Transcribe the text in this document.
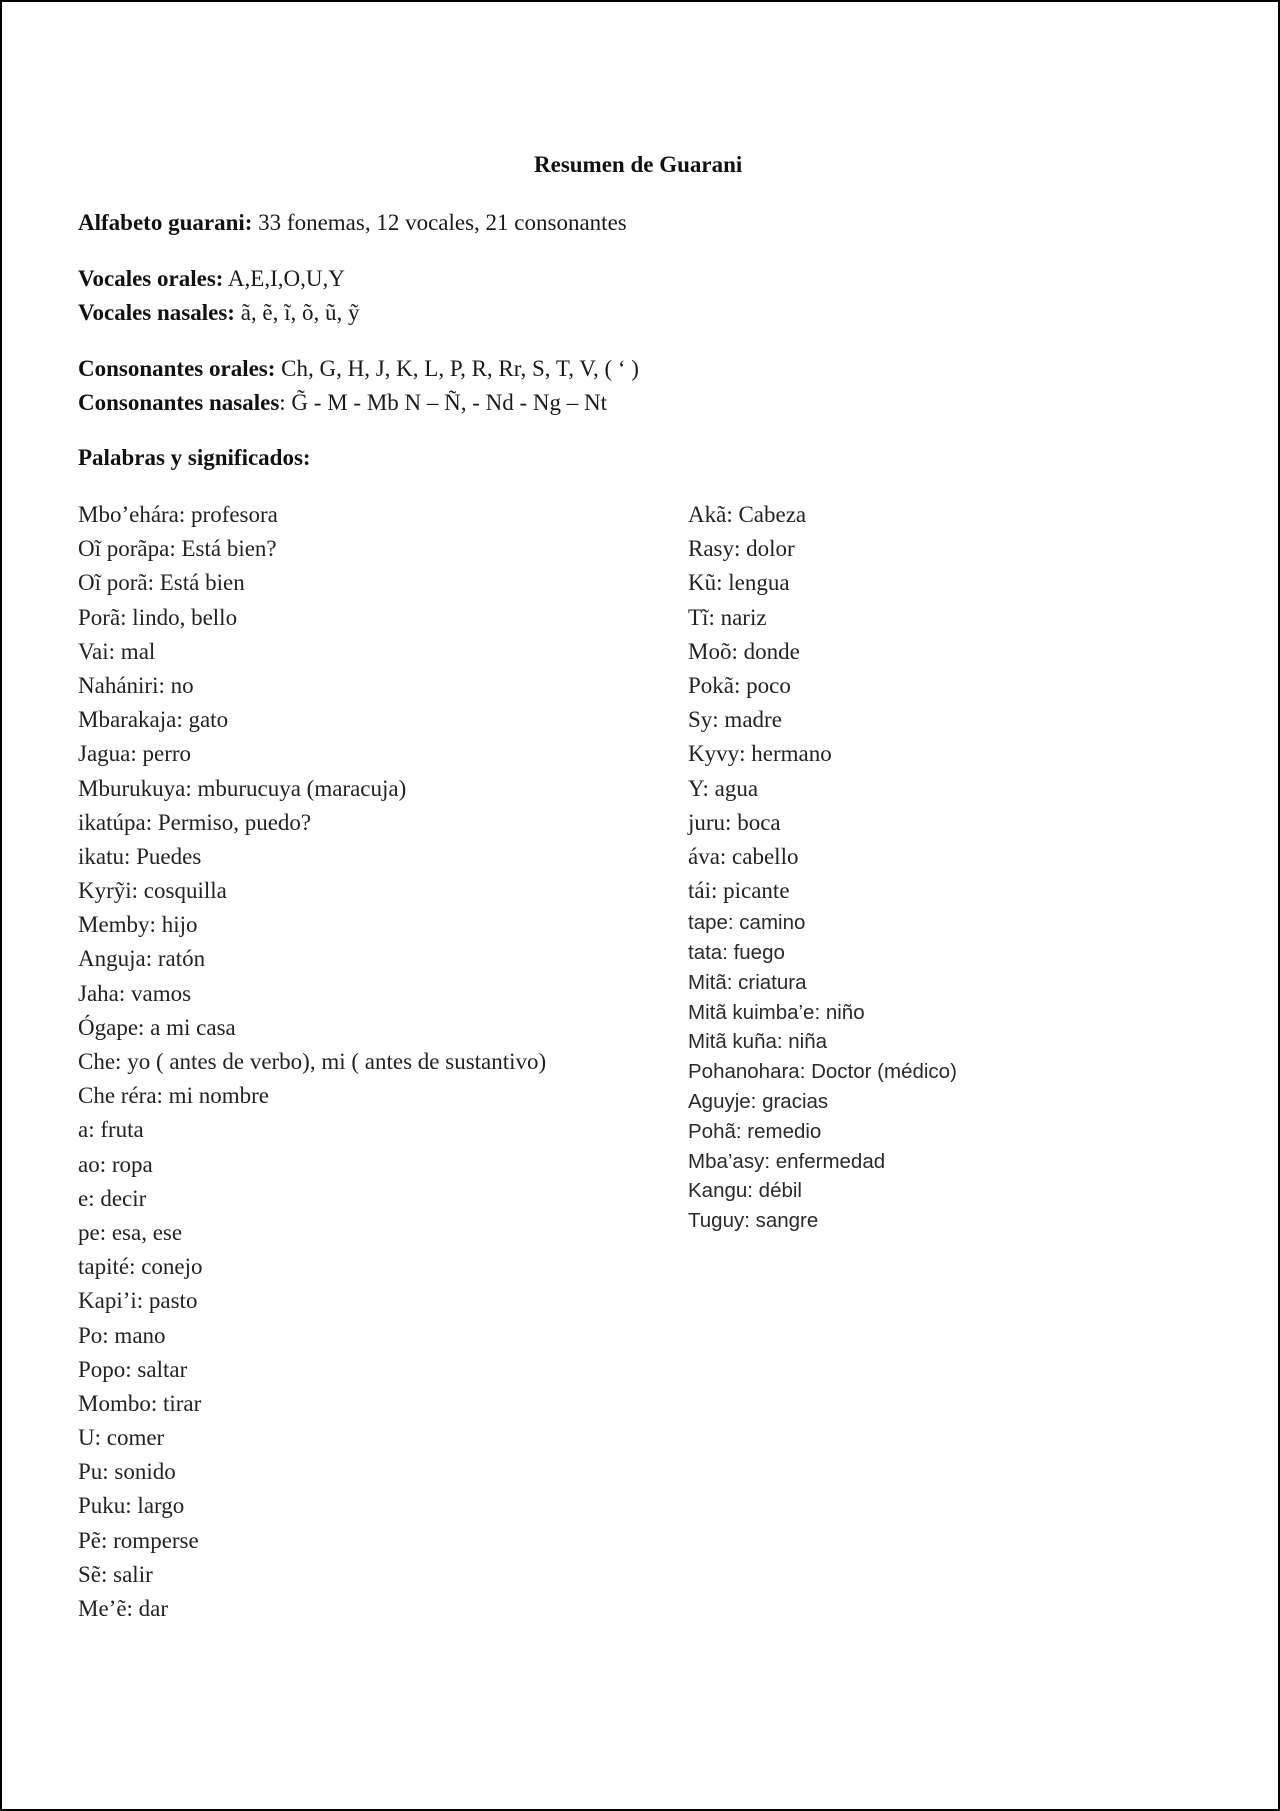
Resumen de Guarani
Alfabeto guarani: 33 fonemas, 12 vocales, 21 consonantes
Vocales orales: A,E,I,O,U,Y
Vocales nasales: ã, ẽ, ĩ, õ, ũ, ỹ
Consonantes orales: Ch, G, H, J, K, L, P, R, Rr, S, T, V, ( ‘ )
Consonantes nasales: G̃ - M - Mb N – Ñ, - Nd - Ng – Nt
Palabras y significados:
Mbo’ehára: profesora
Oĩ porãpa: Está bien?
Oĩ porã: Está bien
Porã: lindo, bello
Vai: mal
Nahániri: no
Mbarakaja: gato
Jagua: perro
Mburukuya: mburucuya (maracuja)
ikatúpa: Permiso, puedo?
ikatu: Puedes
Kyrỹi: cosquilla
Memby: hijo
Anguja: ratón
Jaha: vamos
Ógape: a mi casa
Che: yo ( antes de verbo), mi ( antes de sustantivo)
Che réra: mi nombre
a: fruta
ao: ropa
e: decir
pe: esa, ese
tapité: conejo
Kapi’i: pasto
Po: mano
Popo: saltar
Mombo: tirar
U: comer
Pu: sonido
Puku: largo
Pẽ: romperse
Sẽ: salir
Me’ẽ: dar
Akã: Cabeza
Rasy: dolor
Kũ: lengua
Tĩ: nariz
Moõ: donde
Pokã: poco
Sy: madre
Kyvy: hermano
Y: agua
juru: boca
áva: cabello
tái: picante
tape: camino
tata: fuego
Mitã: criatura
Mitã kuimba’e: niño
Mitã kuña: niña
Pohanohara: Doctor (médico)
Aguyje: gracias
Pohã: remedio
Mba’asy: enfermedad
Kangu: débil
Tuguy: sangre
